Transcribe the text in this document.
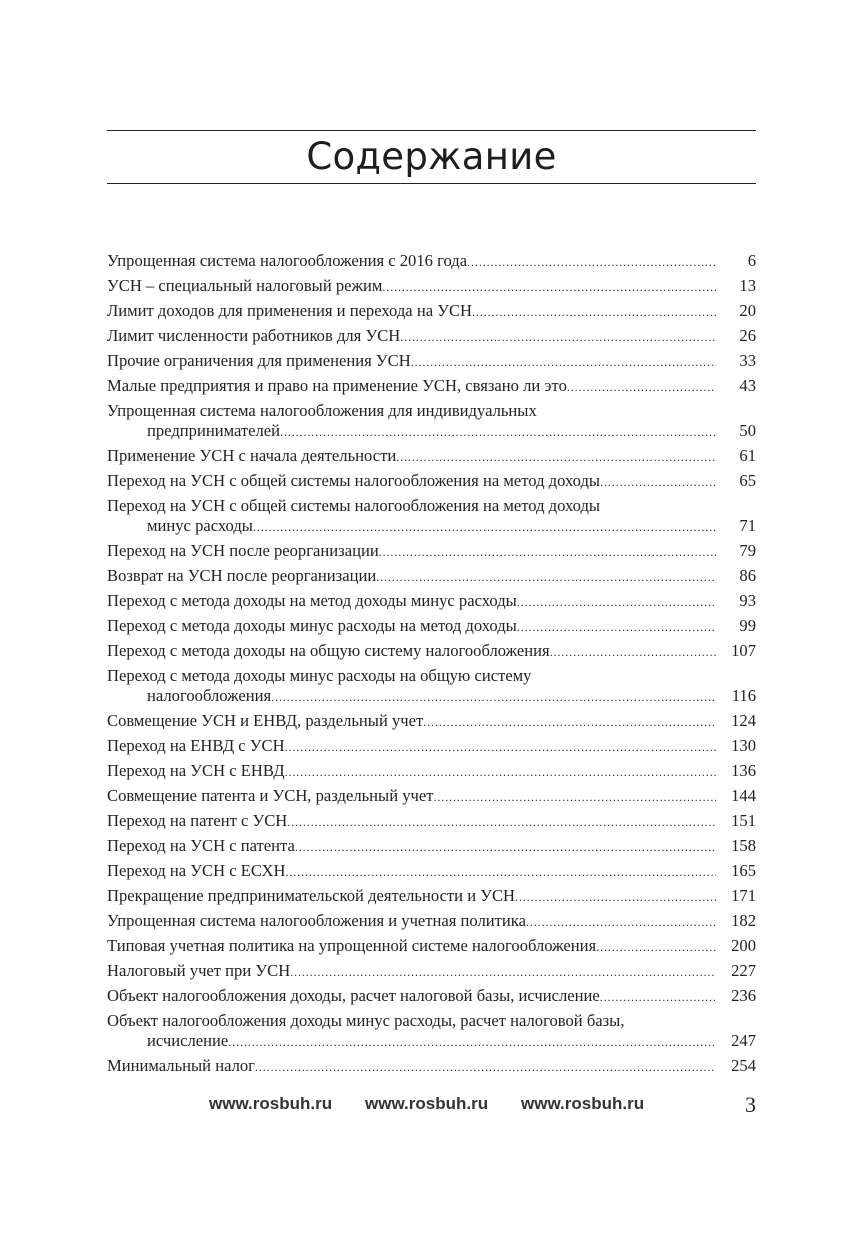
Содержание
Упрощенная система налогообложения с 2016 года .....	6
УСН – специальный налоговый режим .....	13
Лимит доходов для применения и перехода на УСН .....	20
Лимит численности работников для УСН .....	26
Прочие ограничения для применения УСН .....	33
Малые предприятия и право на применение УСН, связано ли это .....	43
Упрощенная система налогообложения для индивидуальных
предпринимателей .....	50
Применение УСН с начала деятельности .....	61
Переход на УСН с общей системы налогообложения на метод доходы .....	65
Переход на УСН с общей системы налогообложения на метод доходы
минус расходы .....	71
Переход на УСН после реорганизации .....	79
Возврат на УСН после реорганизации .....	86
Переход с метода доходы на метод доходы минус расходы .....	93
Переход с метода доходы минус расходы на метод доходы .....	99
Переход с метода доходы на общую систему налогообложения .....	107
Переход с метода доходы минус расходы на общую систему
налогообложения .....	116
Совмещение УСН и ЕНВД, раздельный учет .....	124
Переход на ЕНВД с УСН .....	130
Переход на УСН с ЕНВД .....	136
Совмещение патента и УСН, раздельный учет .....	144
Переход на патент с УСН .....	151
Переход на УСН с патента .....	158
Переход на УСН с ЕСХН .....	165
Прекращение предпринимательской деятельности и УСН .....	171
Упрощенная система налогообложения и учетная политика .....	182
Типовая учетная политика на упрощенной системе налогообложения .....	200
Налоговый учет при УСН .....	227
Объект налогообложения доходы, расчет налоговой базы, исчисление .....	236
Объект налогообложения доходы минус расходы, расчет налоговой базы,
исчисление .....	247
Минимальный налог .....	254
www.rosbuh.ru www.rosbuh.ru www.rosbuh.ru	3
